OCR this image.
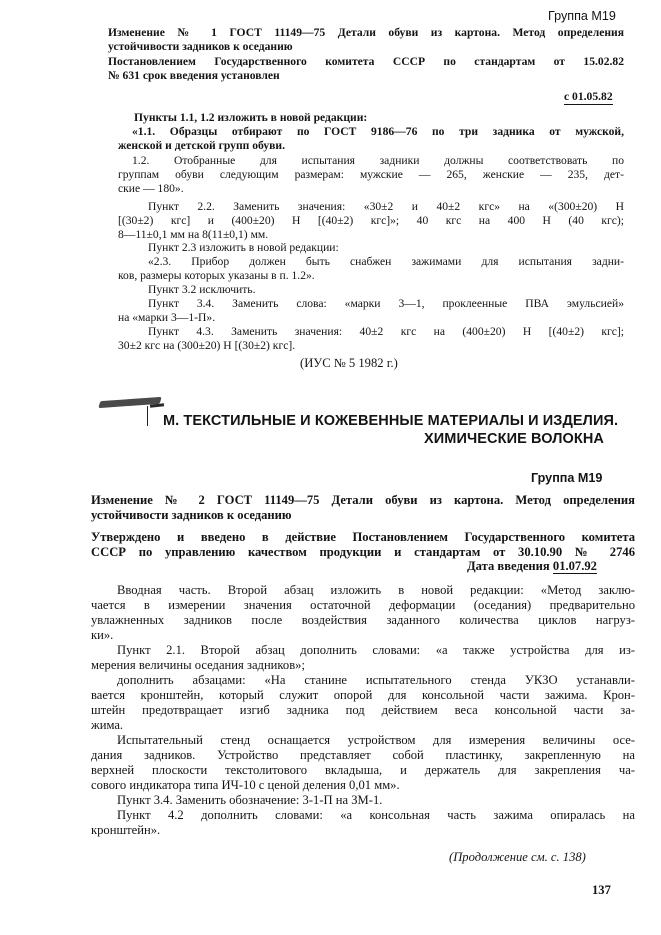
Группа М19
Изменение № 1 ГОСТ 11149—75 Детали обуви из картона. Метод определения
устойчивости задников к оседанию
Постановлением Государственного комитета СССР по стандартам от 15.02.82
№ 631 срок введения установлен
с 01.05.82
Пункты 1.1, 1.2 изложить в новой редакции:
«1.1. Образцы отбирают по ГОСТ 9186—76 по три задника от мужской,
женской и детской групп обуви.
1.2. Отобранные для испытания задники должны соответствовать по
группам обуви следующим размерам: мужские — 265, женские — 235, дет-
ские — 180».
Пункт 2.2. Заменить значения: «30±2 и 40±2 кгс» на «(300±20) Н
[(30±2) кгс] и (400±20) Н [(40±2) кгс]»; 40 кгс на 400 Н (40 кгс);
8—11±0,1 мм на 8(11±0,1) мм.
Пункт 2.3 изложить в новой редакции:
«2.3. Прибор должен быть снабжен зажимами для испытания задни-
ков, размеры которых указаны в п. 1.2».
Пункт 3.2 исключить.
Пункт 3.4. Заменить слова: «марки 3—1, проклеенные ПВА эмульсией»
на «марки 3—1-П».
Пункт 4.3. Заменить значения: 40±2 кгс на (400±20) Н [(40±2) кгс];
30±2 кгс на (300±20) Н [(30±2) кгс].
(ИУС № 5 1982 г.)
М. ТЕКСТИЛЬНЫЕ И КОЖЕВЕННЫЕ МАТЕРИАЛЫ И ИЗДЕЛИЯ.
ХИМИЧЕСКИЕ ВОЛОКНА
Группа М19
Изменение № 2 ГОСТ 11149—75 Детали обуви из картона. Метод определения
устойчивости задников к оседанию
Утверждено и введено в действие Постановлением Государственного комитета
СССР по управлению качеством продукции и стандартам от 30.10.90 № 2746
Дата введения 01.07.92
Вводная часть. Второй абзац изложить в новой редакции: «Метод заклю-
чается в измерении значения остаточной деформации (оседания) предварительно
увлажненных задников после воздействия заданного количества циклов нагруз-
ки».
Пункт 2.1. Второй абзац дополнить словами: «а также устройства для из-
мерения величины оседания задников»;
дополнить абзацами: «На станине испытательного стенда УКЗО устанавли-
вается кронштейн, который служит опорой для консольной части зажима. Крон-
штейн предотвращает изгиб задника под действием веса консольной части за-
жима.
Испытательный стенд оснащается устройством для измерения величины осе-
дания задников. Устройство представляет собой пластинку, закрепленную на
верхней плоскости текстолитового вкладыша, и держатель для закрепления ча-
сового индикатора типа ИЧ-10 с ценой деления 0,01 мм».
Пункт 3.4. Заменить обозначение: 3-1-П на ЗМ-1.
Пункт 4.2 дополнить словами: «а консольная часть зажима опиралась на
кронштейн».
(Продолжение см. с. 138)
137
